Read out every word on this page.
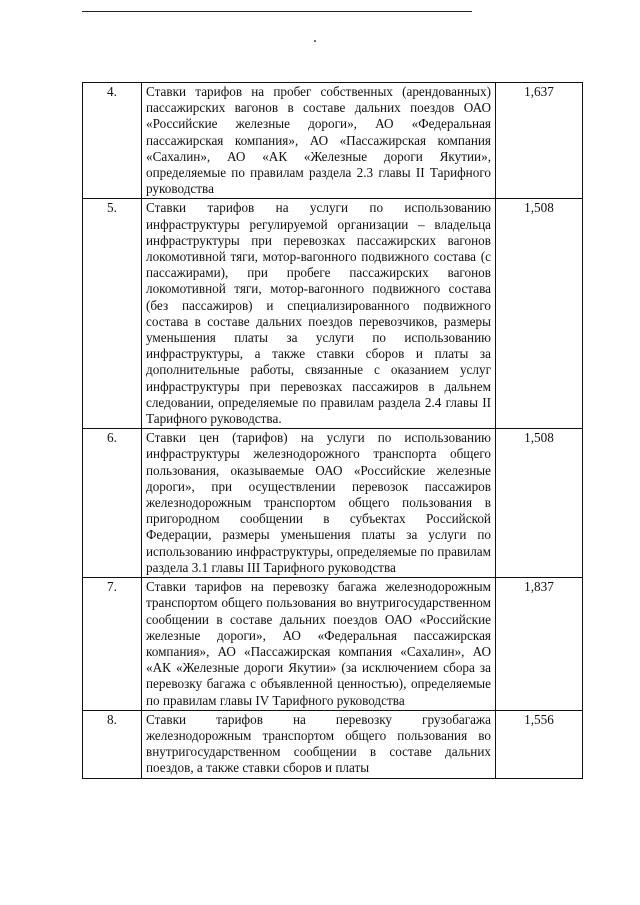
4.	Ставки тарифов на пробег собственных (арендованных) пассажирских вагонов в составе дальних поездов ОАО «Российские железные дороги», АО «Федеральная пассажирская компания», АО «Пассажирская компания «Сахалин», АО «АК «Железные дороги Якутии», определяемые по правилам раздела 2.3 главы II Тарифного руководства	1,637
5.	Ставки тарифов на услуги по использованию инфраструктуры регулируемой организации – владельца инфраструктуры при перевозках пассажирских вагонов локомотивной тяги, мотор-вагонного подвижного состава (с пассажирами), при пробеге пассажирских вагонов локомотивной тяги, мотор-вагонного подвижного состава (без пассажиров) и специализированного подвижного состава в составе дальних поездов перевозчиков, размеры уменьшения платы за услуги по использованию инфраструктуры, а также ставки сборов и платы за дополнительные работы, связанные с оказанием услуг инфраструктуры при перевозках пассажиров в дальнем следовании, определяемые по правилам раздела 2.4 главы II Тарифного руководства.	1,508
6.	Ставки цен (тарифов) на услуги по использованию инфраструктуры железнодорожного транспорта общего пользования, оказываемые ОАО «Российские железные дороги», при осуществлении перевозок пассажиров железнодорожным транспортом общего пользования в пригородном сообщении в субъектах Российской Федерации, размеры уменьшения платы за услуги по использованию инфраструктуры, определяемые по правилам раздела 3.1 главы III Тарифного руководства	1,508
7.	Ставки тарифов на перевозку багажа железнодорожным транспортом общего пользования во внутригосударственном сообщении в составе дальних поездов ОАО «Российские железные дороги», АО «Федеральная пассажирская компания», АО «Пассажирская компания «Сахалин», АО «АК «Железные дороги Якутии» (за исключением сбора за перевозку багажа с объявленной ценностью), определяемые по правилам главы IV Тарифного руководства	1,837
8.	Ставки тарифов на перевозку грузобагажа железнодорожным транспортом общего пользования во внутригосударственном сообщении в составе дальних поездов, а также ставки сборов и платы	1,556
